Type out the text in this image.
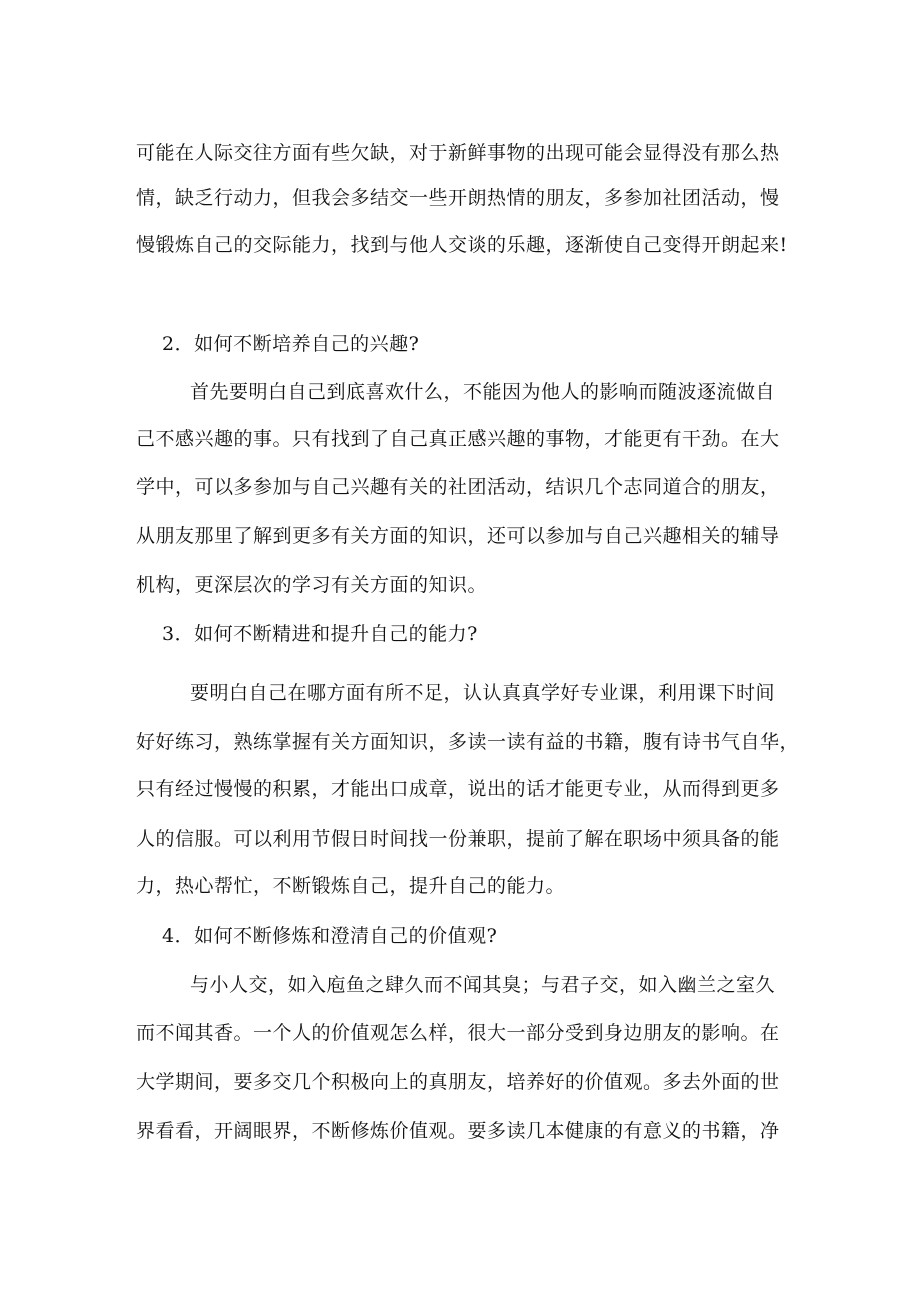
可能在人际交往方面有些欠缺，对于新鲜事物的出现可能会显得没有那么热
情，缺乏行动力，但我会多结交一些开朗热情的朋友，多参加社团活动，慢
慢锻炼自己的交际能力，找到与他人交谈的乐趣，逐渐使自己变得开朗起来!
2．如何不断培养自己的兴趣?
首先要明白自己到底喜欢什么，不能因为他人的影响而随波逐流做自
己不感兴趣的事。只有找到了自己真正感兴趣的事物，才能更有干劲。在大
学中，可以多参加与自己兴趣有关的社团活动，结识几个志同道合的朋友，
从朋友那里了解到更多有关方面的知识，还可以参加与自己兴趣相关的辅导
机构，更深层次的学习有关方面的知识。
3．如何不断精进和提升自己的能力?
要明白自己在哪方面有所不足，认认真真学好专业课，利用课下时间
好好练习，熟练掌握有关方面知识，多读一读有益的书籍，腹有诗书气自华，
只有经过慢慢的积累，才能出口成章，说出的话才能更专业，从而得到更多
人的信服。可以利用节假日时间找一份兼职，提前了解在职场中须具备的能
力，热心帮忙，不断锻炼自己，提升自己的能力。
4．如何不断修炼和澄清自己的价值观?
与小人交，如入庖鱼之肆久而不闻其臭；与君子交，如入幽兰之室久
而不闻其香。一个人的价值观怎么样，很大一部分受到身边朋友的影响。在
大学期间，要多交几个积极向上的真朋友，培养好的价值观。多去外面的世
界看看，开阔眼界，不断修炼价值观。要多读几本健康的有意义的书籍，净
